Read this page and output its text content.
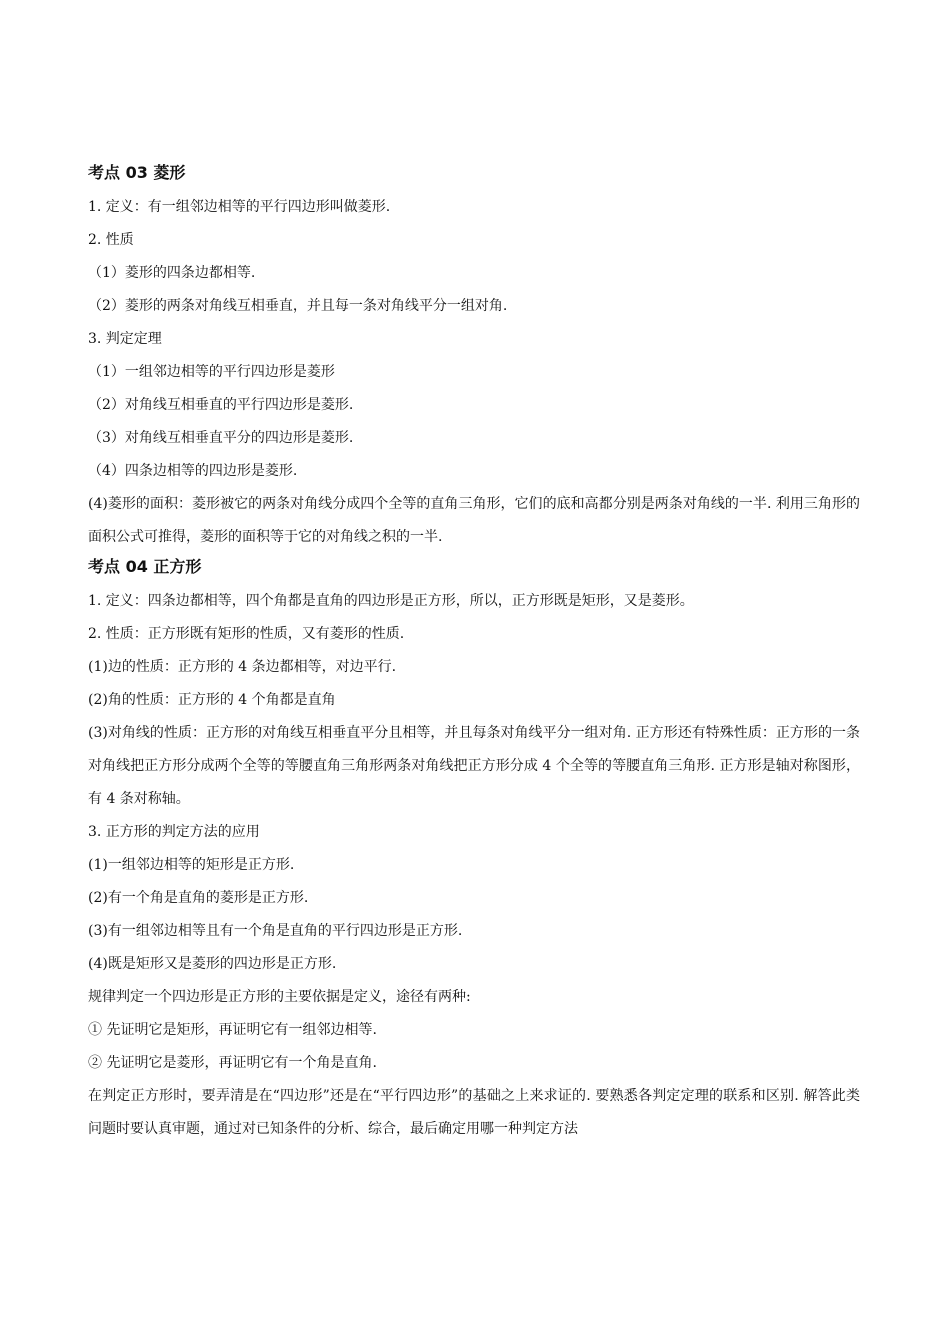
考点 03 菱形

1. 定义：有一组邻边相等的平行四边形叫做菱形.

2. 性质

（1）菱形的四条边都相等.

（2）菱形的两条对角线互相垂直，并且每一条对角线平分一组对角.

3. 判定定理

（1）一组邻边相等的平行四边形是菱形

（2）对角线互相垂直的平行四边形是菱形.

（3）对角线互相垂直平分的四边形是菱形.

（4）四条边相等的四边形是菱形.

(4)菱形的面积：菱形被它的两条对角线分成四个全等的直角三角形，它们的底和高都分别是两条对角线的一半. 利用三角形的面积公式可推得，菱形的面积等于它的对角线之积的一半.

考点 04 正方形

1. 定义：四条边都相等，四个角都是直角的四边形是正方形，所以，正方形既是矩形，又是菱形。

2. 性质：正方形既有矩形的性质，又有菱形的性质.

(1)边的性质：正方形的 4 条边都相等，对边平行.

(2)角的性质：正方形的 4 个角都是直角

(3)对角线的性质：正方形的对角线互相垂直平分且相等，并且每条对角线平分一组对角. 正方形还有特殊性质：正方形的一条对角线把正方形分成两个全等的等腰直角三角形两条对角线把正方形分成 4 个全等的等腰直角三角形. 正方形是轴对称图形，有 4 条对称轴。

3. 正方形的判定方法的应用

(1)一组邻边相等的矩形是正方形.

(2)有一个角是直角的菱形是正方形.

(3)有一组邻边相等且有一个角是直角的平行四边形是正方形.

(4)既是矩形又是菱形的四边形是正方形.

规律判定一个四边形是正方形的主要依据是定义，途径有两种:

① 先证明它是矩形，再证明它有一组邻边相等.

② 先证明它是菱形，再证明它有一个角是直角.

在判定正方形时，要弄清是在“四边形”还是在“平行四边形”的基础之上来求证的. 要熟悉各判定定理的联系和区别. 解答此类问题时要认真审题，通过对已知条件的分析、综合，最后确定用哪一种判定方法
